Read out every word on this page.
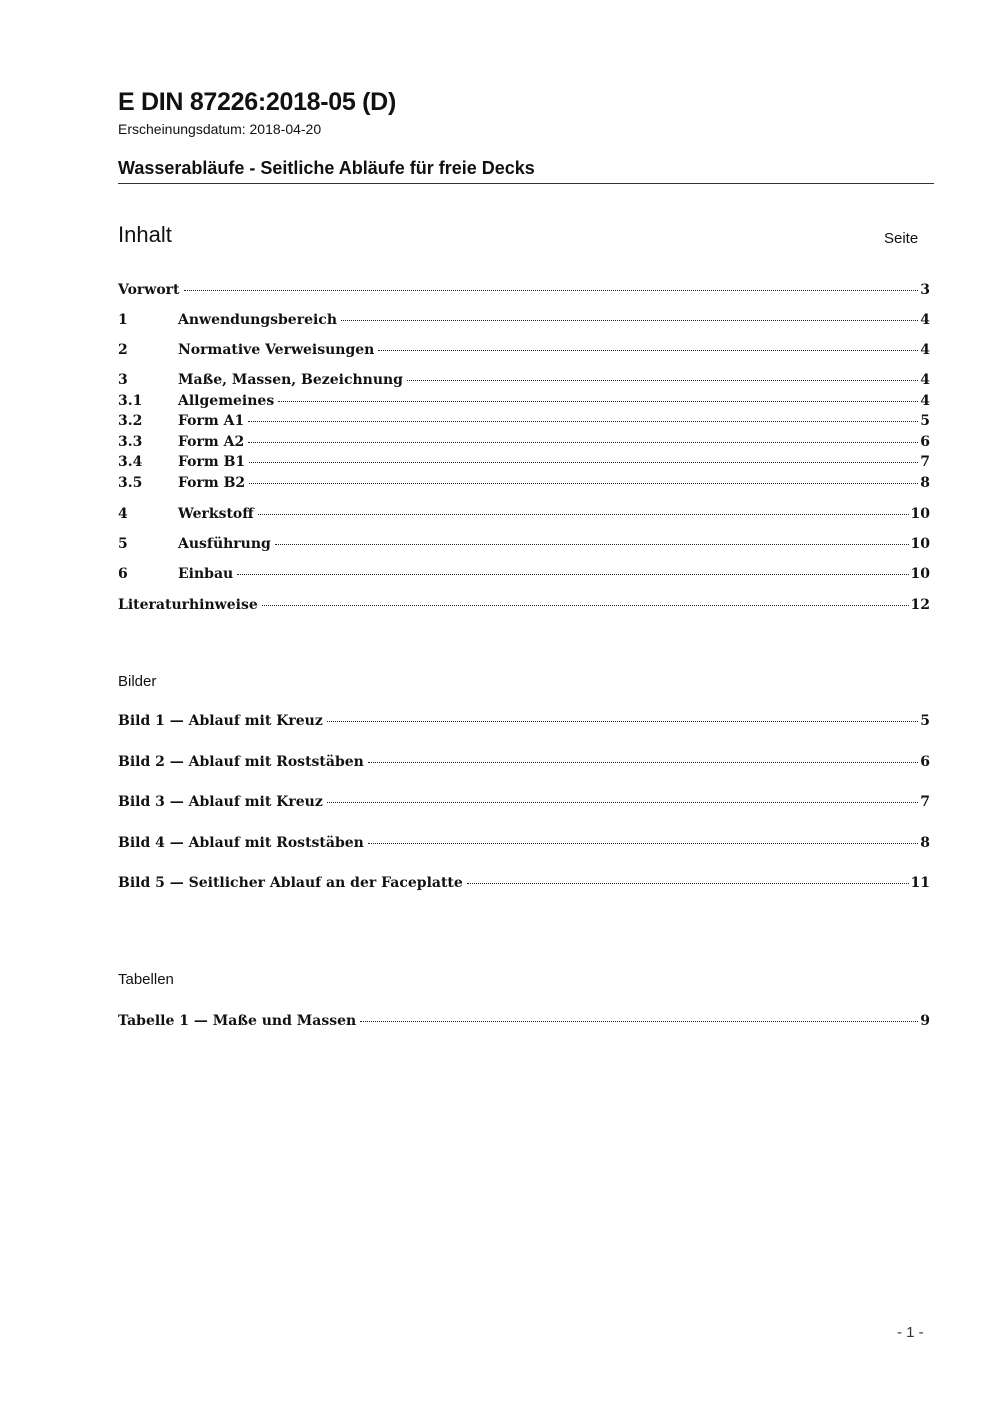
E DIN 87226:2018-05 (D)
Erscheinungsdatum: 2018-04-20
Wasserabläufe - Seitliche Abläufe für freie Decks
Inhalt	Seite
Vorwort	3
1	Anwendungsbereich	4
2	Normative Verweisungen	4
3	Maße, Massen, Bezeichnung	4
3.1	Allgemeines	4
3.2	Form A1	5
3.3	Form A2	6
3.4	Form B1	7
3.5	Form B2	8
4	Werkstoff	10
5	Ausführung	10
6	Einbau	10
Literaturhinweise	12
Bilder
Bild 1 — Ablauf mit Kreuz	5
Bild 2 — Ablauf mit Roststäben	6
Bild 3 — Ablauf mit Kreuz	7
Bild 4 — Ablauf mit Roststäben	8
Bild 5 — Seitlicher Ablauf an der Faceplatte	11
Tabellen
Tabelle 1 — Maße und Massen	9
- 1 -
